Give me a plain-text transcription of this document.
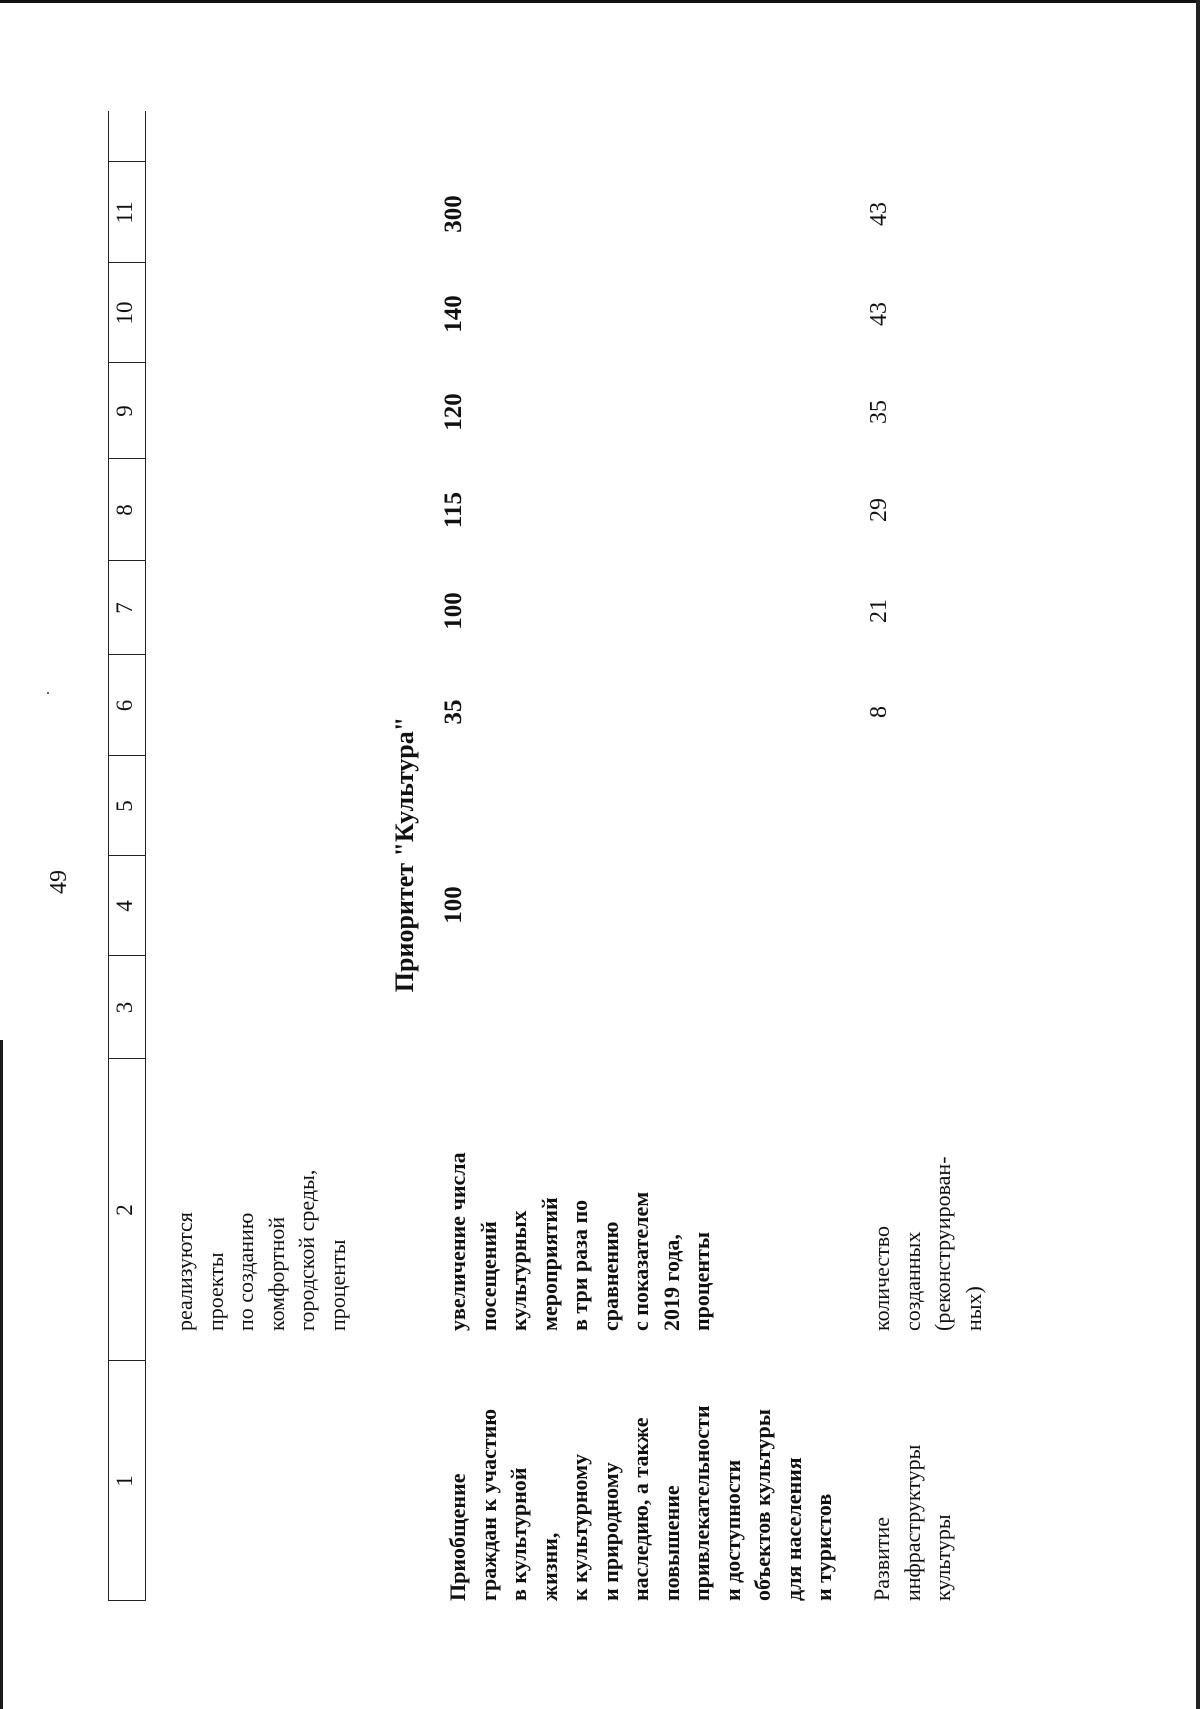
49
1
2
3
4
5
6
7
8
9
10
11
реализуются
проекты
по созданию
комфортной
городской среды,
проценты
Приоритет "Культура"
Приобщение
граждан к участию
в культурной
жизни,
к культурному
и природному
наследию, а также
повышение
привлекательности
и доступности
объектов культуры
для населения
и туристов
увеличение числа
посещений
культурных
мероприятий
в три раза по
сравнению
с показателем
2019 года,
проценты
100
35
100
115
120
140
300
Развитие
инфраструктуры
культуры
количество
созданных
(реконструирован-
ных)
8
21
29
35
43
43
